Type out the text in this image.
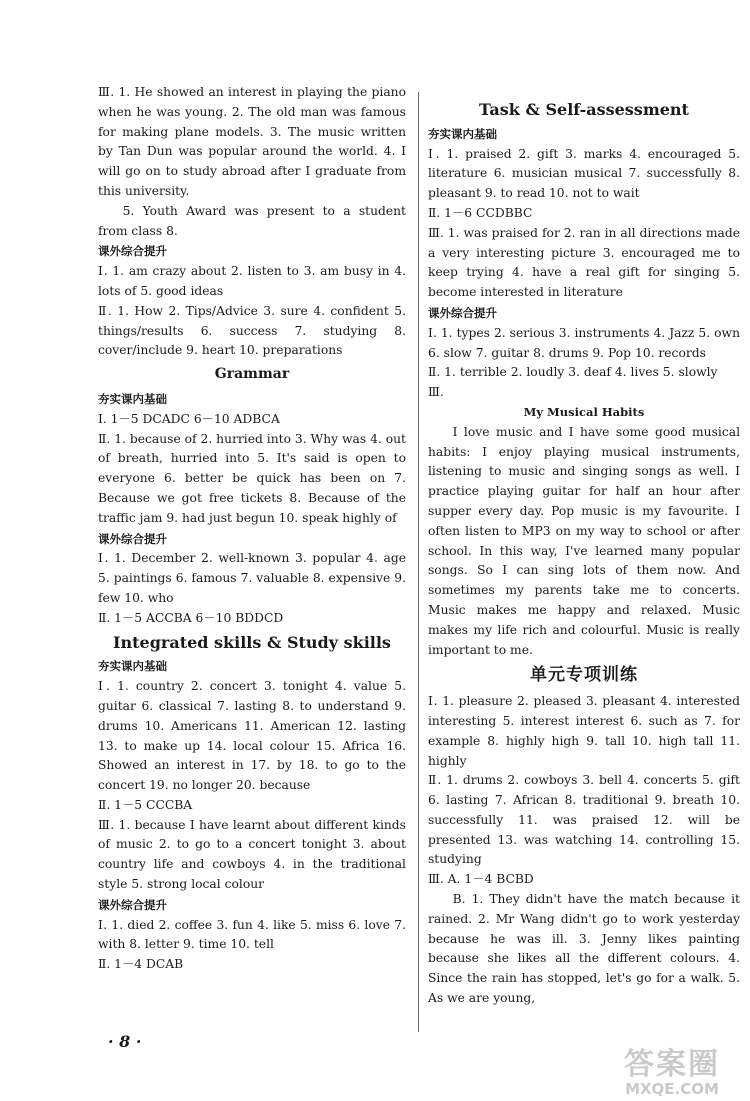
Ⅲ. 1. He showed an interest in playing the piano when he was young. 2. The old man was famous for making plane models. 3. The music written by Tan Dun was popular around the world. 4. I will go on to study abroad after I graduate from this university.
5. Youth Award was present to a student from class 8.
课外综合提升
Ⅰ. 1. am crazy about 2. listen to 3. am busy in 4. lots of 5. good ideas
Ⅱ. 1. How 2. Tips/Advice 3. sure 4. confident 5. things/results 6. success 7. studying 8. cover/include 9. heart 10. preparations
Grammar
夯实课内基础
Ⅰ. 1－5 DCADC 6－10 ADBCA
Ⅱ. 1. because of 2. hurried into 3. Why was 4. out of breath, hurried into 5. It's said is open to everyone 6. better be quick has been on 7. Because we got free tickets 8. Because of the traffic jam 9. had just begun 10. speak highly of
课外综合提升
Ⅰ. 1. December 2. well-known 3. popular 4. age 5. paintings 6. famous 7. valuable 8. expensive 9. few 10. who
Ⅱ. 1－5 ACCBA 6－10 BDDCD
Integrated skills & Study skills
夯实课内基础
Ⅰ. 1. country 2. concert 3. tonight 4. value 5. guitar 6. classical 7. lasting 8. to understand 9. drums 10. Americans 11. American 12. lasting 13. to make up 14. local colour 15. Africa 16. Showed an interest in 17. by 18. to go to the concert 19. no longer 20. because
Ⅱ. 1－5 CCCBA
Ⅲ. 1. because I have learnt about different kinds of music 2. to go to a concert tonight 3. about country life and cowboys 4. in the traditional style 5. strong local colour
课外综合提升
Ⅰ. 1. died 2. coffee 3. fun 4. like 5. miss 6. love 7. with 8. letter 9. time 10. tell
Ⅱ. 1－4 DCAB
Task & Self-assessment
夯实课内基础
Ⅰ. 1. praised 2. gift 3. marks 4. encouraged 5. literature 6. musician musical 7. successfully 8. pleasant 9. to read 10. not to wait
Ⅱ. 1－6 CCDBBC
Ⅲ. 1. was praised for 2. ran in all directions made a very interesting picture 3. encouraged me to keep trying 4. have a real gift for singing 5. become interested in literature
课外综合提升
Ⅰ. 1. types 2. serious 3. instruments 4. Jazz 5. own 6. slow 7. guitar 8. drums 9. Pop 10. records
Ⅱ. 1. terrible 2. loudly 3. deaf 4. lives 5. slowly
Ⅲ.
My Musical Habits
I love music and I have some good musical habits: I enjoy playing musical instruments, listening to music and singing songs as well. I practice playing guitar for half an hour after supper every day. Pop music is my favourite. I often listen to MP3 on my way to school or after school. In this way, I've learned many popular songs. So I can sing lots of them now. And sometimes my parents take me to concerts. Music makes me happy and relaxed. Music makes my life rich and colourful. Music is really important to me.
单元专项训练
Ⅰ. 1. pleasure 2. pleased 3. pleasant 4. interested interesting 5. interest interest 6. such as 7. for example 8. highly high 9. tall 10. high tall 11. highly
Ⅱ. 1. drums 2. cowboys 3. bell 4. concerts 5. gift 6. lasting 7. African 8. traditional 9. breath 10. successfully 11. was praised 12. will be presented 13. was watching 14. controlling 15. studying
Ⅲ. A. 1－4 BCBD
B. 1. They didn't have the match because it rained. 2. Mr Wang didn't go to work yesterday because he was ill. 3. Jenny likes painting because she likes all the different colours. 4. Since the rain has stopped, let's go for a walk. 5. As we are young,
· 8 ·
答案圈
MXQE.COM
